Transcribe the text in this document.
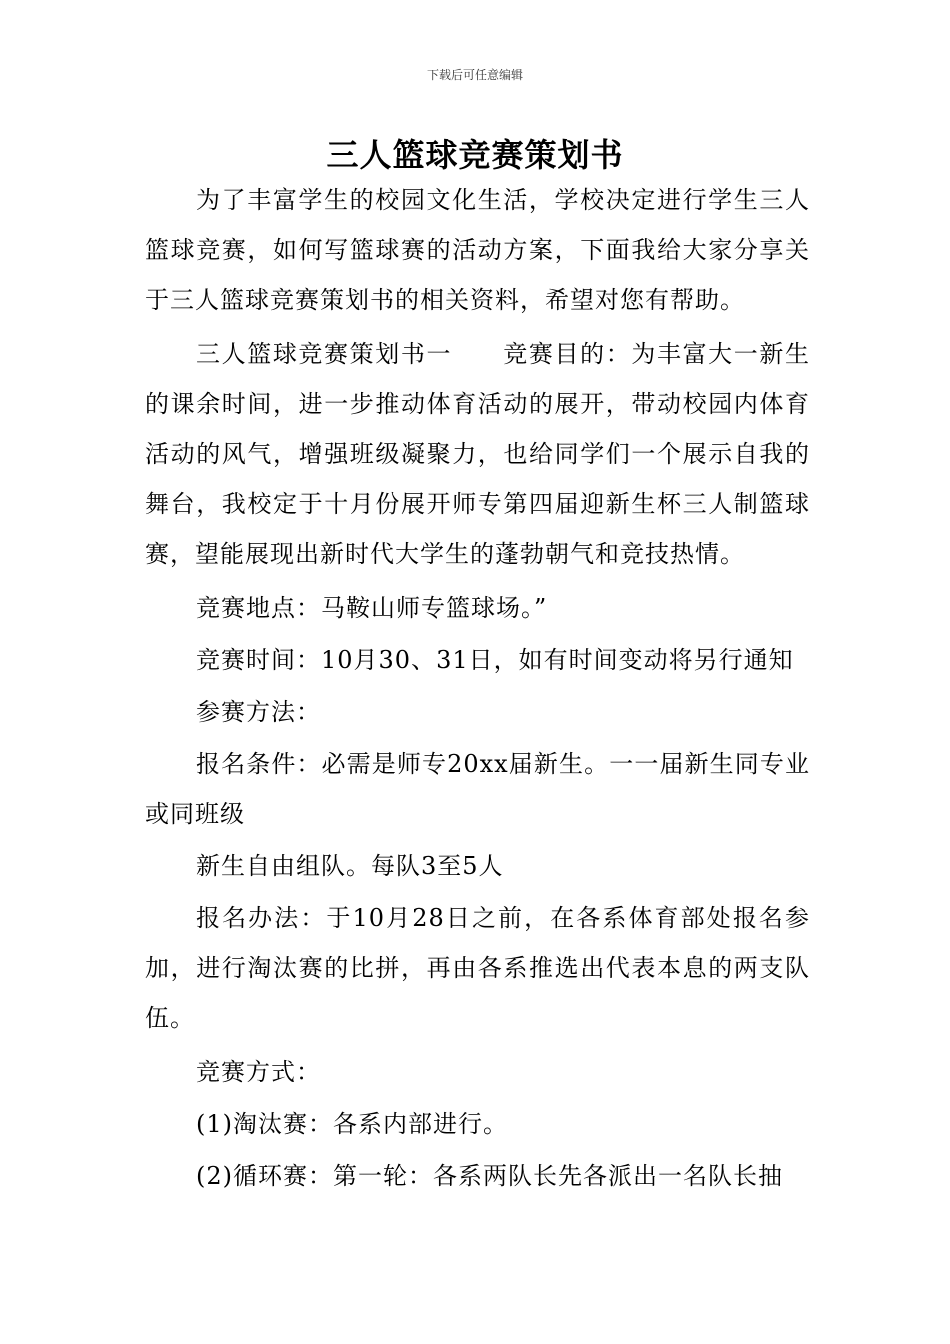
下载后可任意编辑
三人篮球竞赛策划书

为了丰富学生的校园文化生活，学校决定进行学生三人篮球竞赛，如何写篮球赛的活动方案，下面我给大家分享关于三人篮球竞赛策划书的相关资料，希望对您有帮助。

三人篮球竞赛策划书一　　竞赛目的：为丰富大一新生的课余时间，进一步推动体育活动的展开，带动校园内体育活动的风气，增强班级凝聚力，也给同学们一个展示自我的舞台，我校定于十月份展开师专第四届迎新生杯三人制篮球赛，望能展现出新时代大学生的蓬勃朝气和竞技热情。

竞赛地点：马鞍山师专篮球场。”

竞赛时间：10月30、31日，如有时间变动将另行通知

参赛方法：

报名条件：必需是师专20xx届新生。一一届新生同专业或同班级

新生自由组队。每队3至5人

报名办法：于10月28日之前，在各系体育部处报名参加，进行淘汰赛的比拼，再由各系推选出代表本息的两支队伍。

竞赛方式：

(1)淘汰赛：各系内部进行。

(2)循环赛：第一轮：各系两队长先各派出一名队长抽
